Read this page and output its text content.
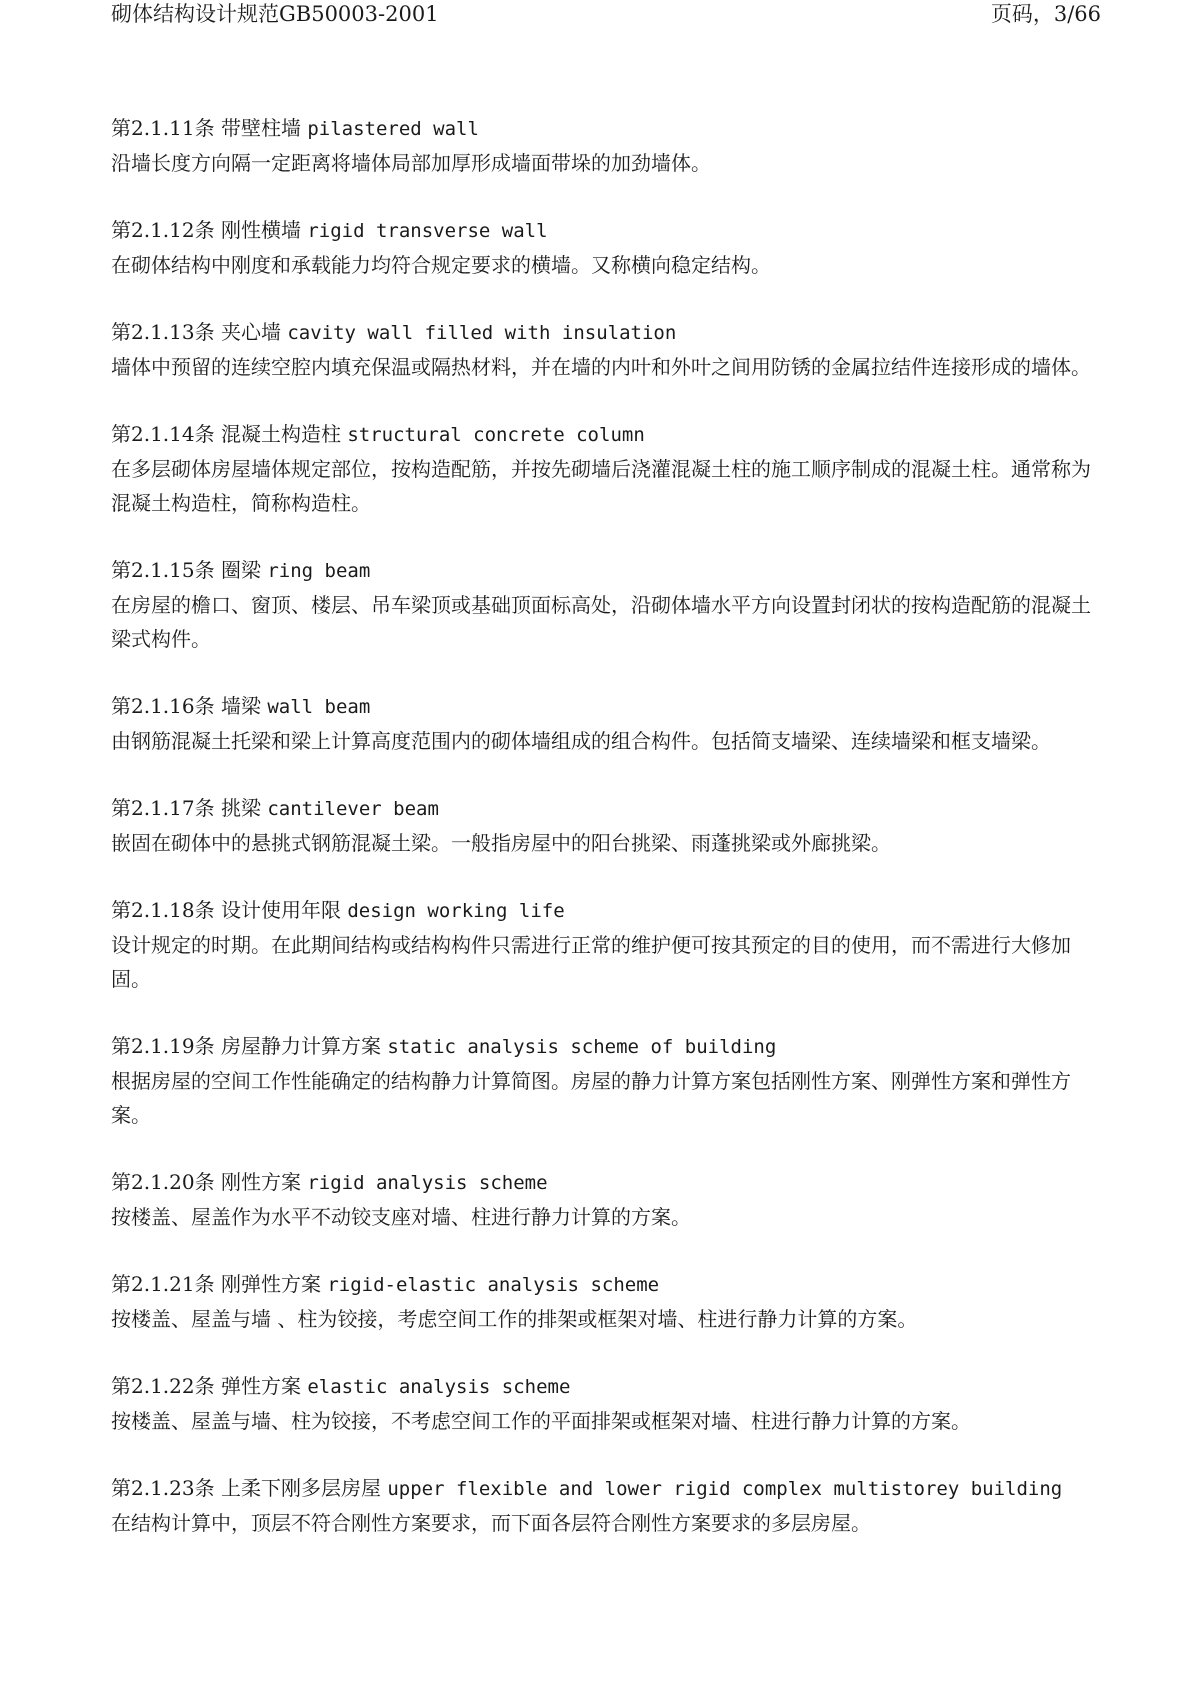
砌体结构设计规范GB50003-2001	页码，3/66
第2.1.11条 带壁柱墙 pilastered wall
沿墙长度方向隔一定距离将墙体局部加厚形成墙面带垛的加劲墙体。
第2.1.12条 刚性横墙 rigid transverse wall
在砌体结构中刚度和承载能力均符合规定要求的横墙。又称横向稳定结构。
第2.1.13条 夹心墙 cavity wall filled with insulation
墙体中预留的连续空腔内填充保温或隔热材料，并在墙的内叶和外叶之间用防锈的金属拉结件连接形成的墙体。
第2.1.14条 混凝土构造柱 structural concrete column
在多层砌体房屋墙体规定部位，按构造配筋，并按先砌墙后浇灌混凝土柱的施工顺序制成的混凝土柱。通常称为混凝土构造柱，简称构造柱。
第2.1.15条 圈梁 ring beam
在房屋的檐口、窗顶、楼层、吊车梁顶或基础顶面标高处，沿砌体墙水平方向设置封闭状的按构造配筋的混凝土梁式构件。
第2.1.16条 墙梁 wall beam
由钢筋混凝土托梁和梁上计算高度范围内的砌体墙组成的组合构件。包括简支墙梁、连续墙梁和框支墙梁。
第2.1.17条 挑梁 cantilever beam
嵌固在砌体中的悬挑式钢筋混凝土梁。一般指房屋中的阳台挑梁、雨蓬挑梁或外廊挑梁。
第2.1.18条 设计使用年限 design working life
设计规定的时期。在此期间结构或结构构件只需进行正常的维护便可按其预定的目的使用，而不需进行大修加固。
第2.1.19条 房屋静力计算方案 static analysis scheme of building
根据房屋的空间工作性能确定的结构静力计算简图。房屋的静力计算方案包括刚性方案、刚弹性方案和弹性方案。
第2.1.20条 刚性方案 rigid analysis scheme
按楼盖、屋盖作为水平不动铰支座对墙、柱进行静力计算的方案。
第2.1.21条 刚弹性方案 rigid-elastic analysis scheme
按楼盖、屋盖与墙 、柱为铰接，考虑空间工作的排架或框架对墙、柱进行静力计算的方案。
第2.1.22条 弹性方案 elastic analysis scheme
按楼盖、屋盖与墙、柱为铰接，不考虑空间工作的平面排架或框架对墙、柱进行静力计算的方案。
第2.1.23条 上柔下刚多层房屋 upper flexible and lower rigid complex multistorey building
在结构计算中，顶层不符合刚性方案要求，而下面各层符合刚性方案要求的多层房屋。
